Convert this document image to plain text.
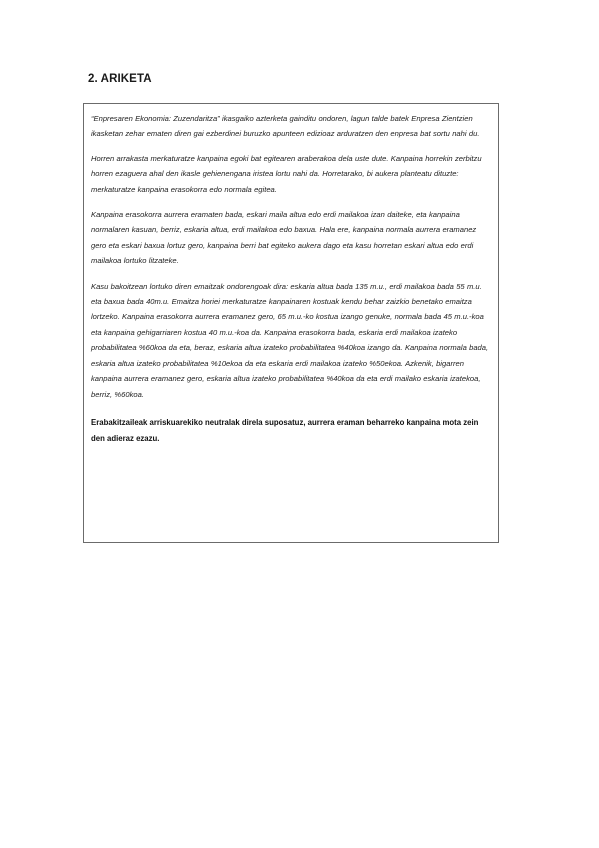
2. ARIKETA

“Enpresaren Ekonomia: Zuzendaritza” ikasgaiko azterketa gainditu ondoren, lagun talde batek Enpresa Zientzien ikasketan zehar ematen diren gai ezberdinei buruzko apunteen edizioaz arduratzen den enpresa bat sortu nahi du.

Horren arrakasta merkaturatze kanpaina egoki bat egitearen araberakoa dela uste dute. Kanpaina horrekin zerbitzu horren ezaguera ahal den ikasle gehienengana iristea lortu nahi da. Horretarako, bi aukera planteatu dituzte: merkaturatze kanpaina erasokorra edo normala egitea.

Kanpaina erasokorra aurrera eramaten bada, eskari maila altua edo erdi mailakoa izan daiteke, eta kanpaina normalaren kasuan, berriz, eskaria altua, erdi mailakoa edo baxua. Hala ere, kanpaina normala aurrera eramanez gero eta eskari baxua lortuz gero, kanpaina berri bat egiteko aukera dago eta kasu horretan eskari altua edo erdi mailakoa lortuko litzateke.

Kasu bakoitzean lortuko diren emaitzak ondorengoak dira: eskaria altua bada 135 m.u., erdi mailakoa bada 55 m.u. eta baxua bada 40m.u. Emaitza horiei merkaturatze kanpainaren kostuak kendu behar zaizkio benetako emaitza lortzeko. Kanpaina erasokorra aurrera eramanez gero, 65 m.u.-ko kostua izango genuke, normala bada 45 m.u.-koa eta kanpaina gehigarriaren kostua 40 m.u.-koa da. Kanpaina erasokorra bada, eskaria erdi mailakoa izateko probabilitatea %60koa da eta, beraz, eskaria altua izateko probabilitatea %40koa izango da. Kanpaina normala bada, eskaria altua izateko probabilitatea %10ekoa da eta eskaria erdi mailakoa izateko %50ekoa. Azkenik, bigarren kanpaina aurrera eramanez gero, eskaria altua izateko probabilitatea %40koa da eta erdi mailako eskaria izatekoa, berriz, %60koa.

Erabakitzaileak arriskuarekiko neutralak direla suposatuz, aurrera eraman beharreko kanpaina mota zein den adieraz ezazu.
